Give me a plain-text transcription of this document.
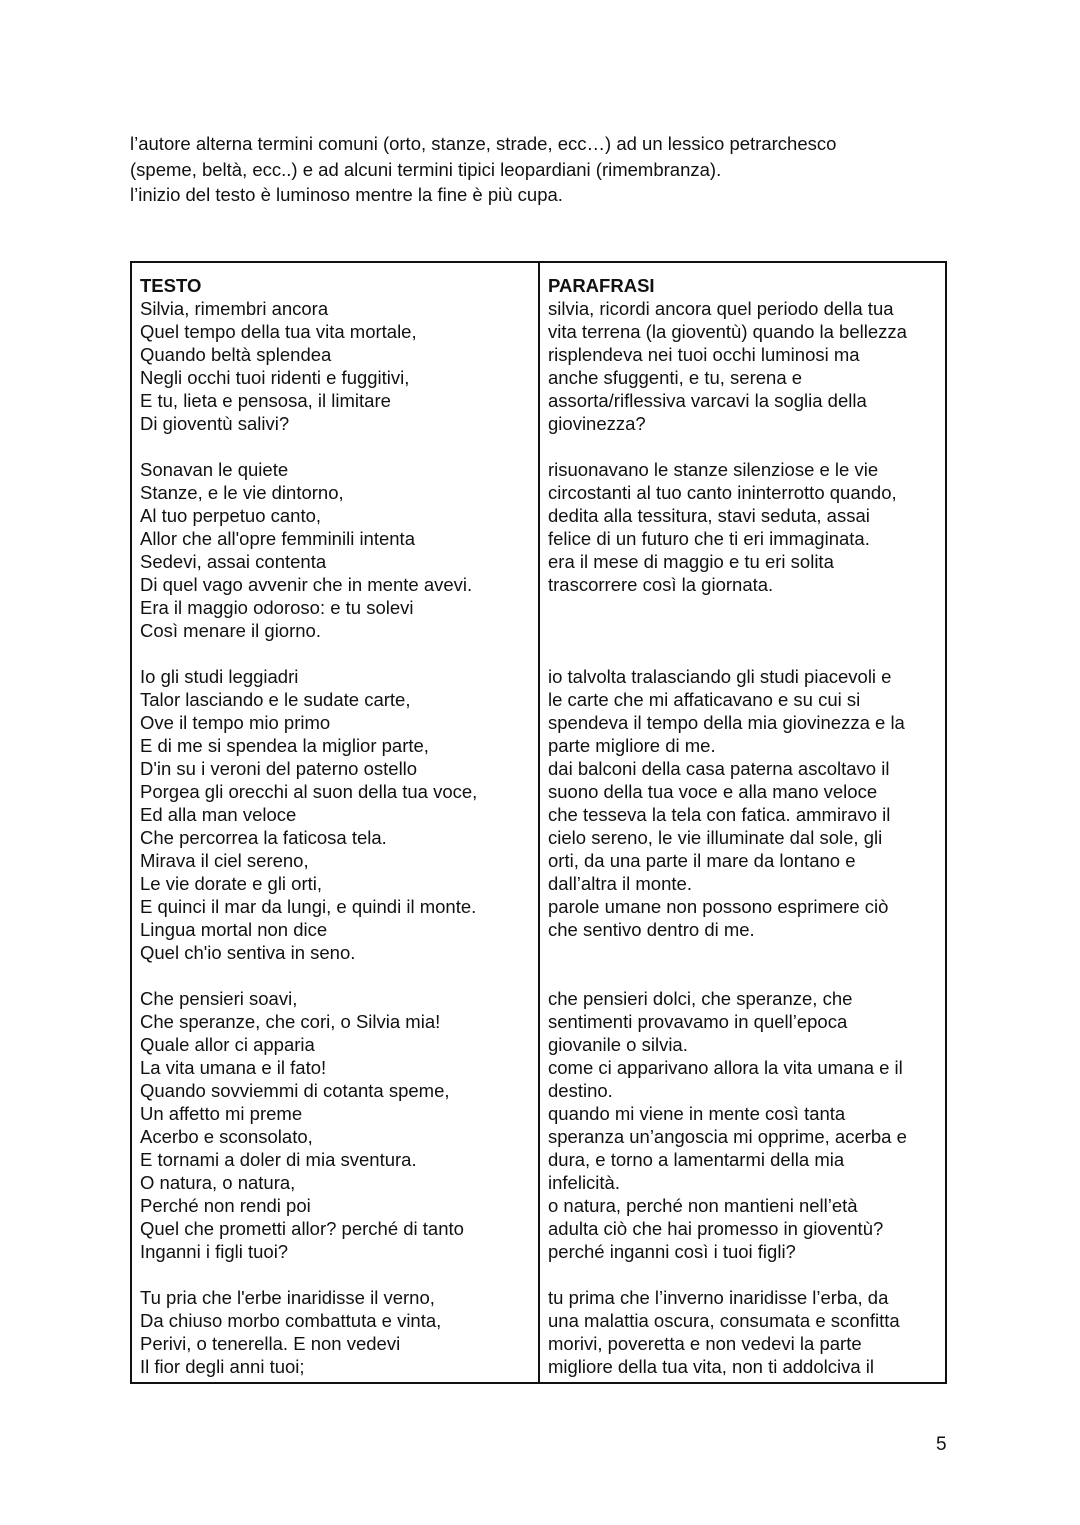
l’autore alterna termini comuni (orto, stanze, strade, ecc…) ad un lessico petrarchesco

(speme, beltà, ecc..) e ad alcuni termini tipici leopardiani (rimembranza).

l’inizio del testo è luminoso mentre la fine è più cupa.

TESTO

Silvia, rimembri ancora
Quel tempo della tua vita mortale,
Quando beltà splendea
Negli occhi tuoi ridenti e fuggitivi,
E tu, lieta e pensosa, il limitare
Di gioventù salivi?
Sonavan le quiete
Stanze, e le vie dintorno,
Al tuo perpetuo canto,
Allor che all'opre femminili intenta
Sedevi, assai contenta
Di quel vago avvenir che in mente avevi.
Era il maggio odoroso: e tu solevi
Così menare il giorno.
Io gli studi leggiadri
Talor lasciando e le sudate carte,
Ove il tempo mio primo
E di me si spendea la miglior parte,
D'in su i veroni del paterno ostello
Porgea gli orecchi al suon della tua voce,
Ed alla man veloce
Che percorrea la faticosa tela.
Mirava il ciel sereno,
Le vie dorate e gli orti,
E quinci il mar da lungi, e quindi il monte.
Lingua mortal non dice
Quel ch'io sentiva in seno.
Che pensieri soavi,
Che speranze, che cori, o Silvia mia!
Quale allor ci apparia
La vita umana e il fato!
Quando sovviemmi di cotanta speme,
Un affetto mi preme
Acerbo e sconsolato,
E tornami a doler di mia sventura.
O natura, o natura,
Perché non rendi poi
Quel che prometti allor? perché di tanto
Inganni i figli tuoi?
Tu pria che l'erbe inaridisse il verno,
Da chiuso morbo combattuta e vinta,
Perivi, o tenerella. E non vedevi
Il fior degli anni tuoi;

PARAFRASI

silvia, ricordi ancora quel periodo della tua
vita terrena (la gioventù) quando la bellezza
risplendeva nei tuoi occhi luminosi ma
anche sfuggenti, e tu, serena e
assorta/riflessiva varcavi la soglia della
giovinezza?
risuonavano le stanze silenziose e le vie
circostanti al tuo canto ininterrotto quando,
dedita alla tessitura, stavi seduta, assai
felice di un futuro che ti eri immaginata.
era il mese di maggio e tu eri solita
trascorrere così la giornata.

io talvolta tralasciando gli studi piacevoli e
le carte che mi affaticavano e su cui si
spendeva il tempo della mia giovinezza e la
parte migliore di me.
dai balconi della casa paterna ascoltavo il
suono della tua voce e alla mano veloce
che tesseva la tela con fatica. ammiravo il
cielo sereno, le vie illuminate dal sole, gli
orti, da una parte il mare da lontano e
dall’altra il monte.
parole umane non possono esprimere ciò
che sentivo dentro di me.

che pensieri dolci, che speranze, che
sentimenti provavamo in quell’epoca
giovanile o silvia.
come ci apparivano allora la vita umana e il
destino.
quando mi viene in mente così tanta
speranza un’angoscia mi opprime, acerba e
dura, e torno a lamentarmi della mia
infelicità.
o natura, perché non mantieni nell’età
adulta ciò che hai promesso in gioventù?
perché inganni così i tuoi figli?
tu prima che l’inverno inaridisse l’erba, da
una malattia oscura, consumata e sconfitta
morivi, poveretta e non vedevi la parte
migliore della tua vita, non ti addolciva il
5
